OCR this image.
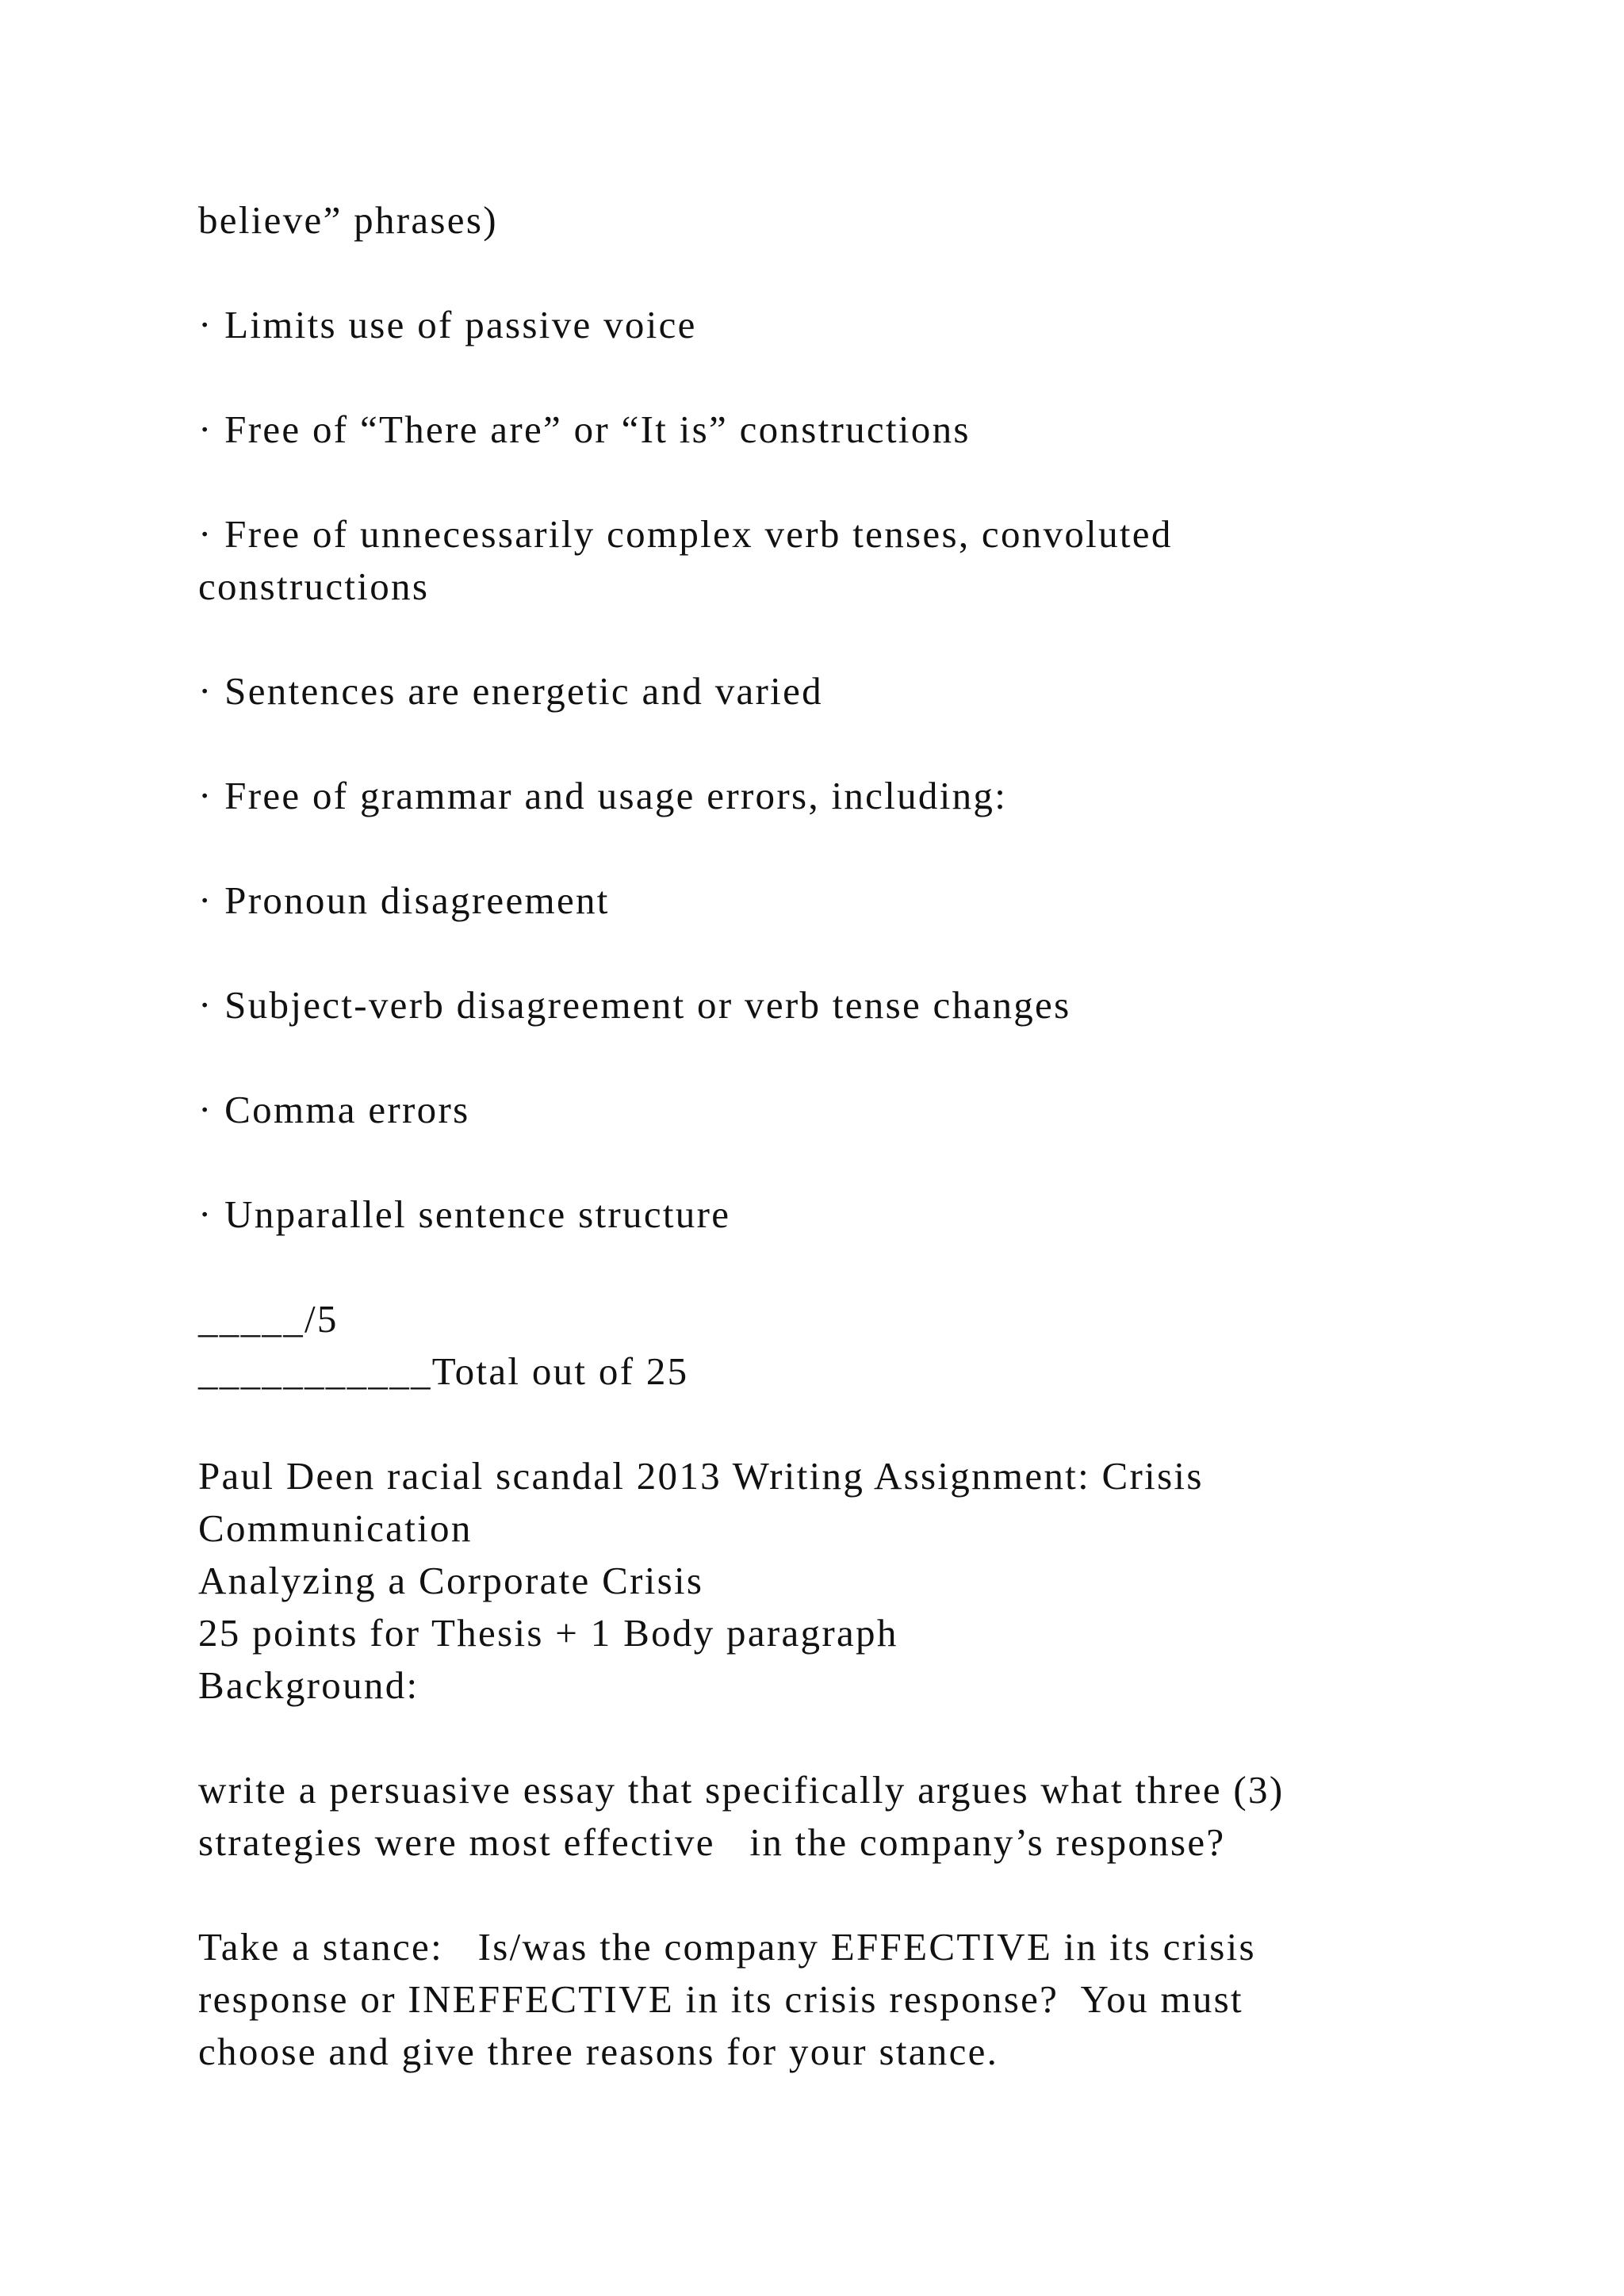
believe” phrases)
· Limits use of passive voice
· Free of “There are” or “It is” constructions
· Free of unnecessarily complex verb tenses, convoluted
constructions
· Sentences are energetic and varied
· Free of grammar and usage errors, including:
· Pronoun disagreement
· Subject-verb disagreement or verb tense changes
· Comma errors
· Unparallel sentence structure
_____/5
___________Total out of 25
Paul Deen racial scandal 2013 Writing Assignment: Crisis
Communication
Analyzing a Corporate Crisis
25 points for Thesis + 1 Body paragraph
Background:
write a persuasive essay that specifically argues what three (3)
strategies were most effective   in the company’s response?
Take a stance:   Is/was the company EFFECTIVE in its crisis
response or INEFFECTIVE in its crisis response?  You must
choose and give three reasons for your stance.
